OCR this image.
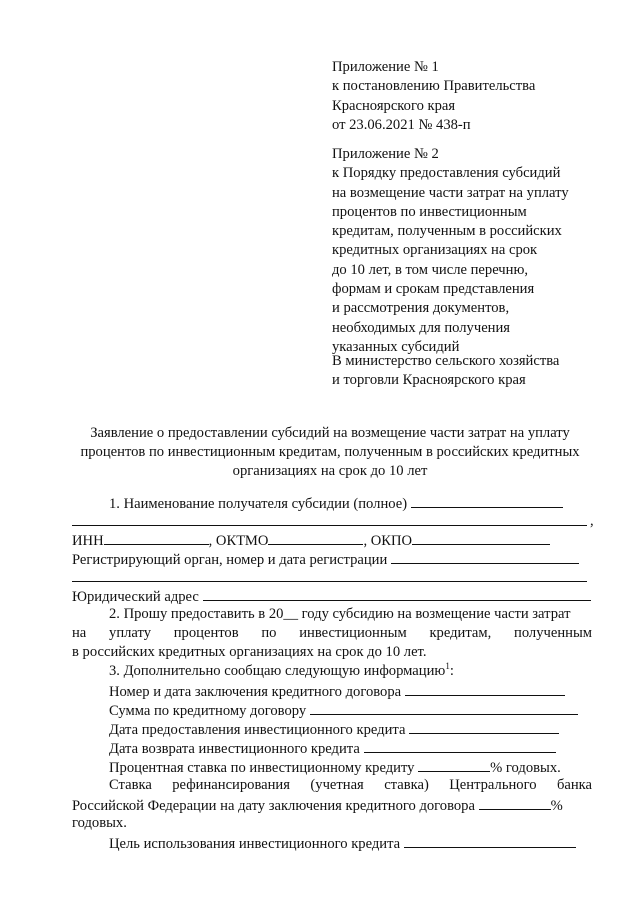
Приложение № 1
к постановлению Правительства
Красноярского края
от 23.06.2021 № 438-п
Приложение № 2
к Порядку предоставления субсидий
на возмещение части затрат на уплату
процентов по инвестиционным
кредитам, полученным в российских
кредитных организациях на срок
до 10 лет, в том числе перечню,
формам и срокам представления
и рассмотрения документов,
необходимых для получения
указанных субсидий
В министерство сельского хозяйства
и торговли Красноярского края
Заявление о предоставлении субсидий на возмещение части затрат на уплату
процентов по инвестиционным кредитам, полученным в российских кредитных
организациях на срок до 10 лет
1. Наименование получателя субсидии (полное)
,
ИНН	, ОКТМО	, ОКПО
Регистрирующий орган, номер и дата регистрации
Юридический адрес
2. Прошу предоставить в 20__ году субсидию на возмещение части затрат
на уплату процентов по инвестиционным кредитам, полученным
в российских кредитных организациях на срок до 10 лет.
3. Дополнительно сообщаю следующую информацию$^1$:
Номер и дата заключения кредитного договора
Сумма по кредитному договору
Дата предоставления инвестиционного кредита
Дата возврата инвестиционного кредита
Процентная ставка по инвестиционному кредиту	% годовых.
Ставка рефинансирования (учетная ставка) Центрального банка
Российской Федерации на дату заключения кредитного договора	%
годовых.
Цель использования инвестиционного кредита
